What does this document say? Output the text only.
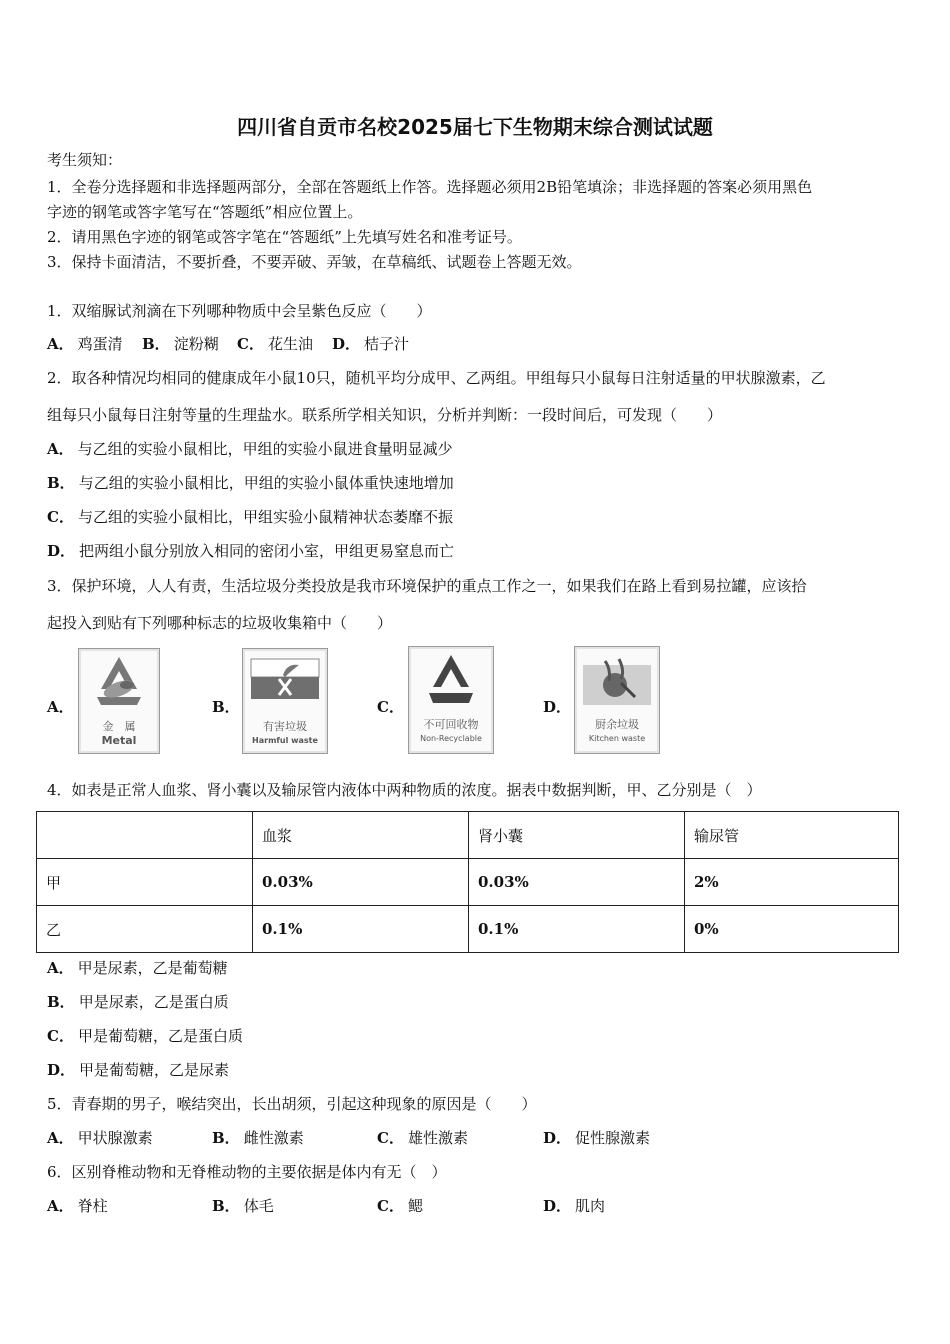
四川省自贡市名校2025届七下生物期末综合测试试题
考生须知：
1．全卷分选择题和非选择题两部分，全部在答题纸上作答。选择题必须用2B铅笔填涂；非选择题的答案必须用黑色
字迹的钢笔或答字笔写在“答题纸”相应位置上。
2．请用黑色字迹的钢笔或答字笔在“答题纸”上先填写姓名和准考证号。
3．保持卡面清洁，不要折叠，不要弄破、弄皱，在草稿纸、试题卷上答题无效。
1．双缩脲试剂滴在下列哪种物质中会呈紫色反应（　　）
A． 鸡蛋清 B． 淀粉糊 C． 花生油 D． 桔子汁
2．取各种情况均相同的健康成年小鼠10只，随机平均分成甲、乙两组。甲组每只小鼠每日注射适量的甲状腺激素，乙
组每只小鼠每日注射等量的生理盐水。联系所学相关知识，分析并判断：一段时间后，可发现（　　）
A． 与乙组的实验小鼠相比，甲组的实验小鼠进食量明显减少
B． 与乙组的实验小鼠相比，甲组的实验小鼠体重快速地增加
C． 与乙组的实验小鼠相比，甲组实验小鼠精神状态萎靡不振
D． 把两组小鼠分别放入相同的密闭小室，甲组更易窒息而亡
3．保护环境，人人有责，生活垃圾分类投放是我市环境保护的重点工作之一，如果我们在路上看到易拉罐，应该拾
起投入到贴有下列哪种标志的垃圾收集箱中（　　）
A．
金　属
Metal
B．
有害垃圾
Harmful waste
C．
不可回收物
Non-Recyclable
D．
厨余垃圾
Kitchen waste
4．如表是正常人血浆、肾小囊以及输尿管内液体中两种物质的浓度。据表中数据判断，甲、乙分别是（　）
	血浆	肾小囊	输尿管
甲	0.03%	0.03%	2%
乙	0.1%	0.1%	0%
A． 甲是尿素，乙是葡萄糖
B． 甲是尿素，乙是蛋白质
C． 甲是葡萄糖，乙是蛋白质
D． 甲是葡萄糖，乙是尿素
5．青春期的男子，喉结突出，长出胡须，引起这种现象的原因是（　　）
A． 甲状腺激素	B． 雌性激素	C． 雄性激素	D． 促性腺激素
6．区别脊椎动物和无脊椎动物的主要依据是体内有无（　）
A． 脊柱	B． 体毛	C． 鳃	D． 肌肉
